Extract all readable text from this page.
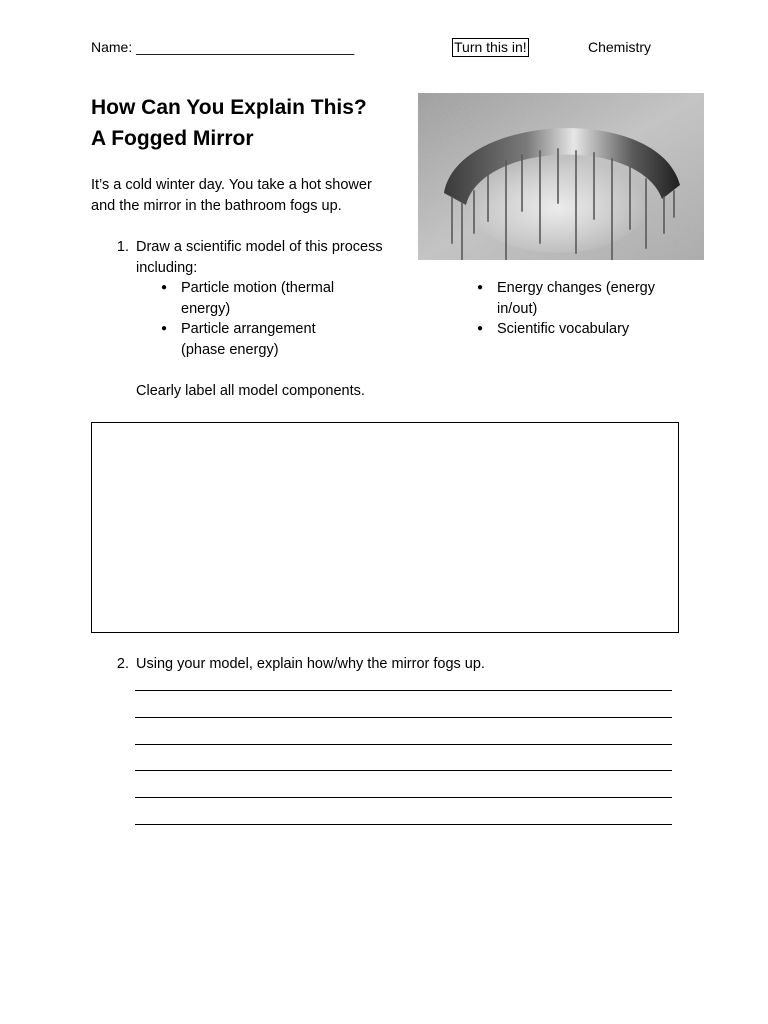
Name: ____________________________	Turn this in!	Chemistry
How Can You Explain This?
A Fogged Mirror
It’s a cold winter day. You take a hot shower
and the mirror in the bathroom fogs up.
1. Draw a scientific model of this process
including:
● Particle motion (thermal
energy)
● Particle arrangement
(phase energy)
● Energy changes (energy
in/out)
● Scientific vocabulary
Clearly label all model components.
2. Using your model, explain how/why the mirror fogs up.
